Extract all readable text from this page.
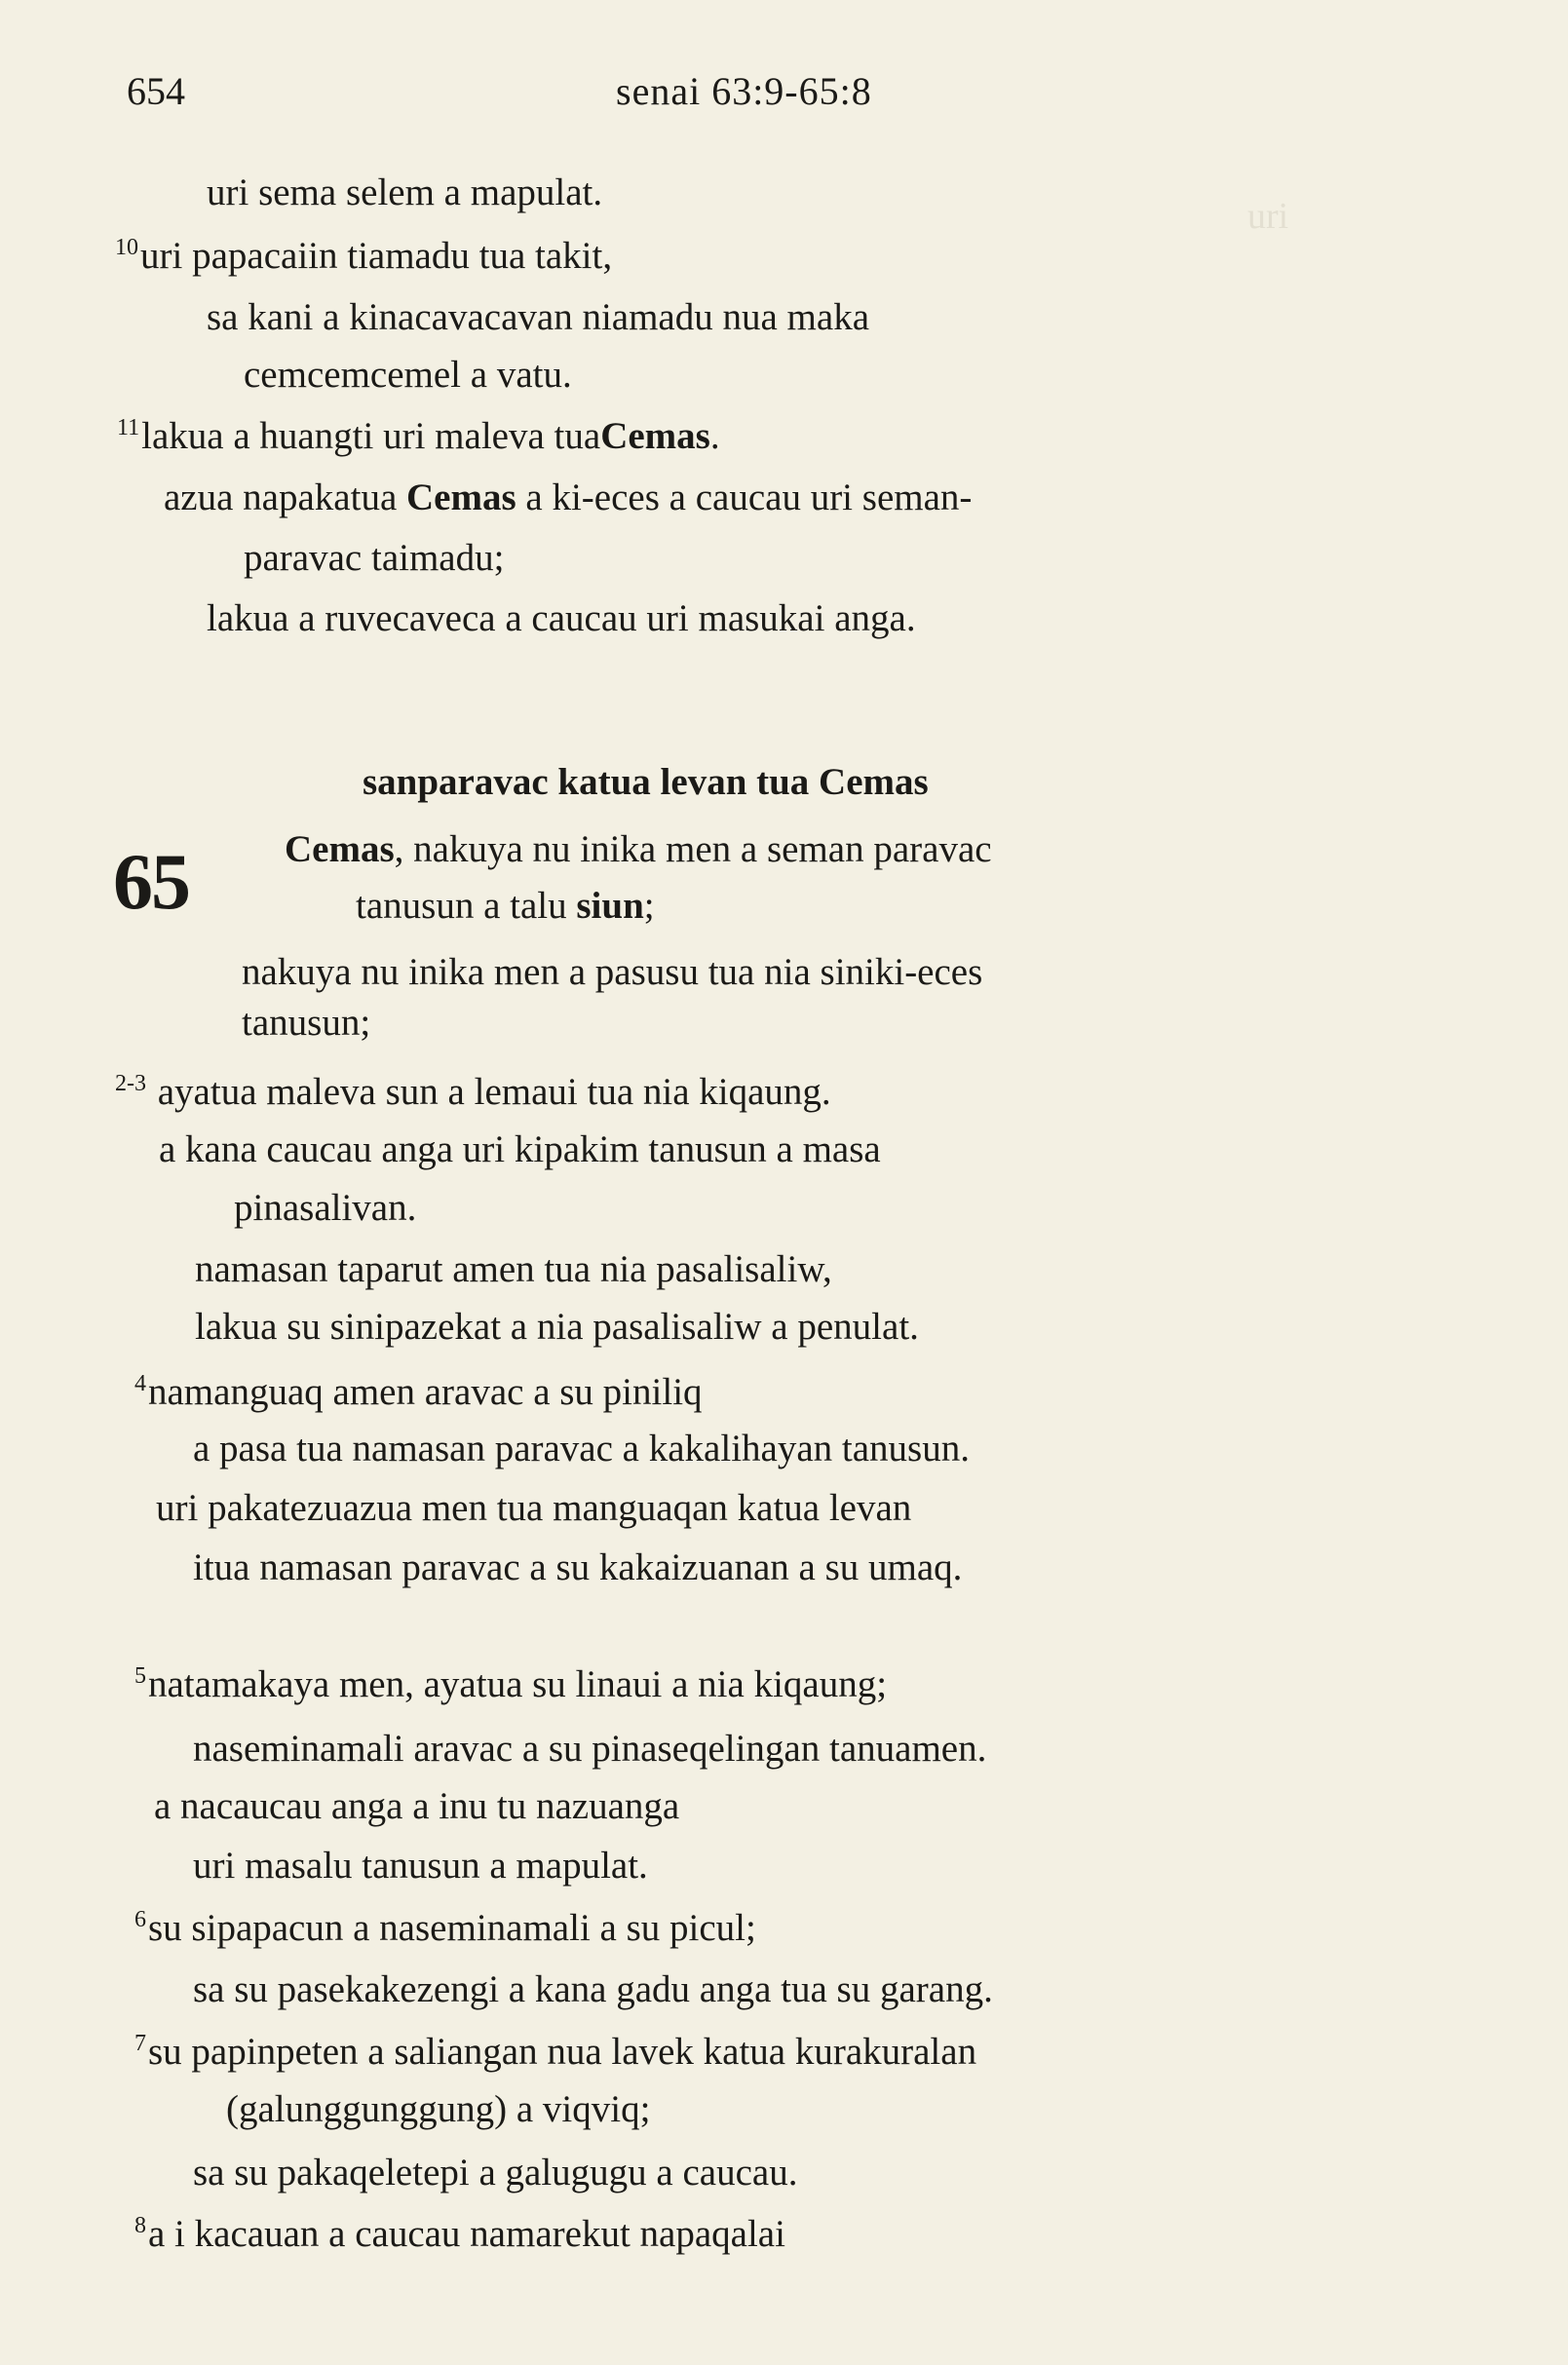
uri
654	senai 63:9-65:8
uri sema selem a mapulat.
$^{10}$uri papacaiin tiamadu tua takit,
sa kani a kinacavacavan niamadu nua maka
cemcemcemel a vatu.
$^{11}$lakua a huangti uri maleva tuaCemas.
azua napakatua Cemas a ki-eces a caucau uri seman-
paravac taimadu;
lakua a ruvecaveca a caucau uri masukai anga.
sanparavac katua levan tua Cemas
65	Cemas, nakuya nu inika men a seman paravac
tanusun a talu siun;
nakuya nu inika men a pasusu tua nia siniki-eces
tanusun;
$^{2-3}$ ayatua maleva sun a lemaui tua nia kiqaung.
a kana caucau anga uri kipakim tanusun a masa
pinasalivan.
namasan taparut amen tua nia pasalisaliw,
lakua su sinipazekat a nia pasalisaliw a penulat.
$^4$namanguaq amen aravac a su piniliq
a pasa tua namasan paravac a kakalihayan tanusun.
uri pakatezuazua men tua manguaqan katua levan
itua namasan paravac a su kakaizuanan a su umaq.
$^5$natamakaya men, ayatua su linaui a nia kiqaung;
naseminamali aravac a su pinaseqelingan tanuamen.
a nacaucau anga a inu tu nazuanga
uri masalu tanusun a mapulat.
$^6$su sipapacun a naseminamali a su picul;
sa su pasekakezengi a kana gadu anga tua su garang.
$^7$su papinpeten a saliangan nua lavek katua kurakuralan
(galunggunggung) a viqviq;
sa su pakaqeletepi a galugugu a caucau.
$^8$a i kacauan a caucau namarekut napaqalai
